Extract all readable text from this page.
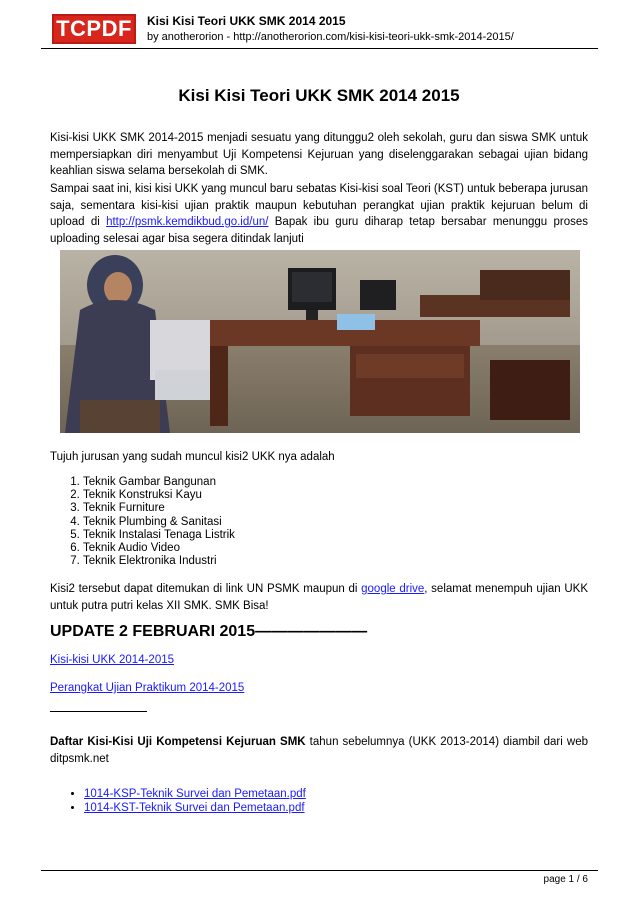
TCPDF	Kisi Kisi Teori UKK SMK 2014 2015
by anotherorion - http://anotherorion.com/kisi-kisi-teori-ukk-smk-2014-2015/
Kisi Kisi Teori UKK SMK 2014 2015
Kisi-kisi UKK SMK 2014-2015 menjadi sesuatu yang ditunggu2 oleh sekolah, guru dan siswa SMK untuk mempersiapkan diri menyambut Uji Kompetensi Kejuruan yang diselenggarakan sebagai ujian bidang keahlian siswa selama bersekolah di SMK.
Sampai saat ini, kisi kisi UKK yang muncul baru sebatas Kisi-kisi soal Teori (KST) untuk beberapa jurusan saja, sementara kisi-kisi ujian praktik maupun kebutuhan perangkat ujian praktik kejuruan belum di upload di http://psmk.kemdikbud.go.id/un/ Bapak ibu guru diharap tetap bersabar menunggu proses uploading selesai agar bisa segera ditindak lanjuti
Tujuh jurusan yang sudah muncul kisi2 UKK nya adalah
1. Teknik Gambar Bangunan
2. Teknik Konstruksi Kayu
3. Teknik Furniture
4. Teknik Plumbing & Sanitasi
5. Teknik Instalasi Tenaga Listrik
6. Teknik Audio Video
7. Teknik Elektronika Industri
Kisi2 tersebut dapat ditemukan di link UN PSMK maupun di google drive, selamat menempuh ujian UKK untuk putra putri kelas XII SMK. SMK Bisa!
UPDATE 2 FEBRUARI 2015———————
Kisi-kisi UKK 2014-2015
Perangkat Ujian Praktikum 2014-2015
Daftar Kisi-Kisi Uji Kompetensi Kejuruan SMK tahun sebelumnya (UKK 2013-2014) diambil dari web ditpsmk.net
• 1014-KSP-Teknik Survei dan Pemetaan.pdf
• 1014-KST-Teknik Survei dan Pemetaan.pdf
page 1 / 6
